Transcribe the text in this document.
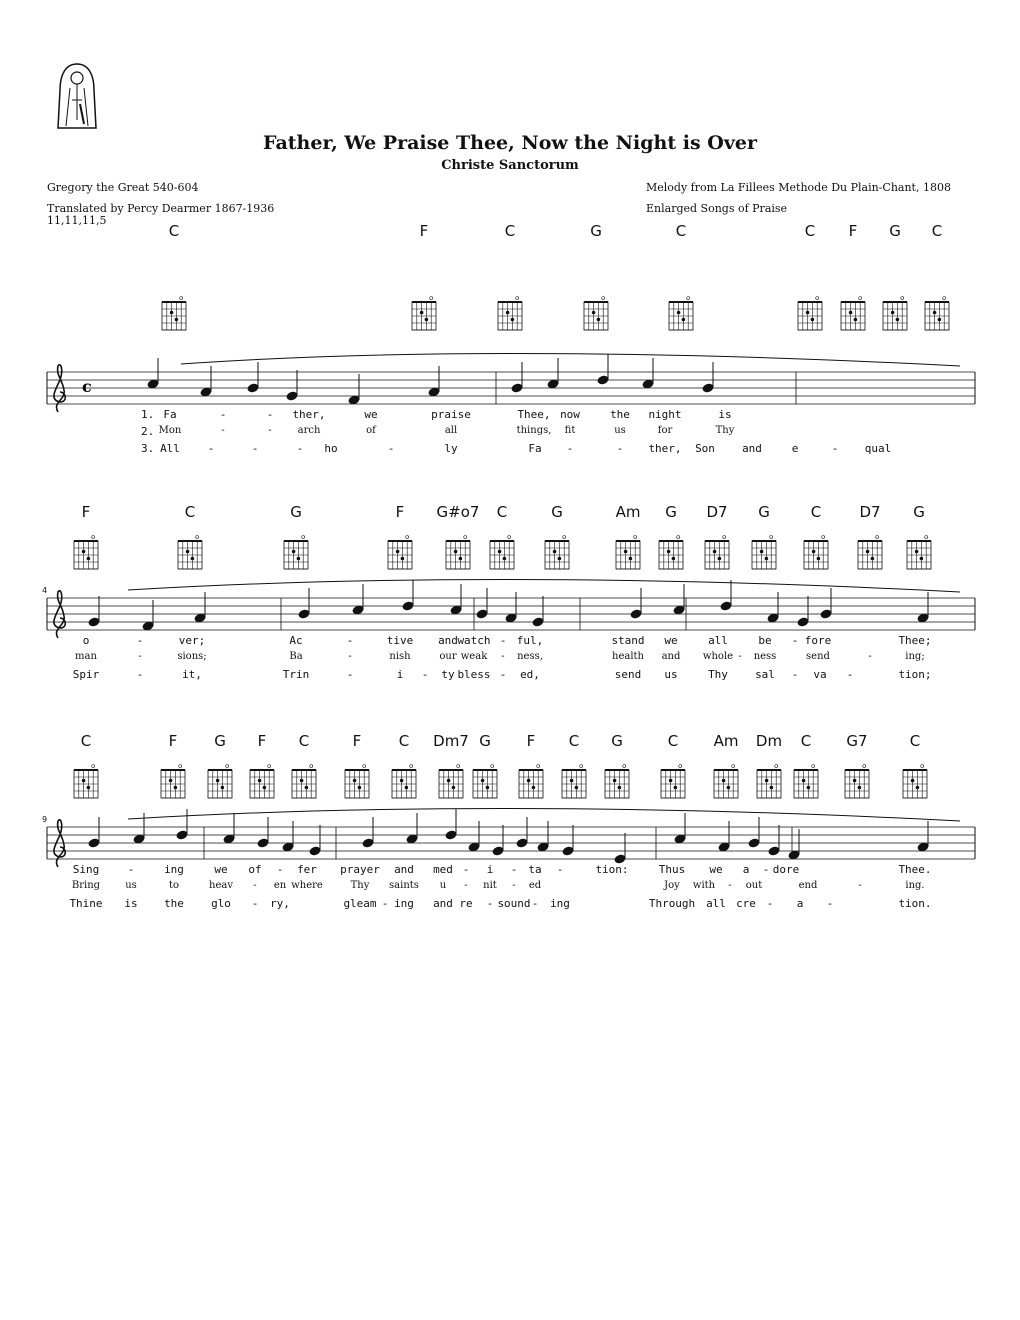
Father, We Praise Thee, Now the Night is Over
Christe Sanctorum
Gregory the Great 540-604
Translated by Percy Dearmer 1867-1936
11,11,11,5
Melody from La Fillees Methode Du Plain-Chant, 1808
Enlarged Songs of Praise
c
C	F	C	G	C	C F G C
1.
2.
3.
Fa	-	- ther,	we	praise	Thee, now	the night	is
Mon	-	-	arch	of	all	things, fit	us	for	Thy
All	-	-	- ho	-	ly	Fa -	- ther, Son and	e	- qual
F	C	G	F G#o7 C	G	Am G D7 G	C	D7 G
4
o	-	ver;	Ac	-	tive and watch - ful,	stand we	all	be - fore	Thee;
man	-	sions;	Ba	-	nish	our weak - ness,	health and whole - ness	send	-	ing;
Spir	-	it,	Trin	-	i - ty bless - ed,	send us	Thy sal - va -	tion;
C	F G F C	F C Dm7 G F C G	C Am Dm C G7	C
9
Sing	-	ing	we of - fer prayer and med - i - ta -	tion:	Thus we a - dore	Thee.
Bring	us	to	heav - en where	Thy saints u - nit - ed	Joy with - out	end	-	ing.
Thine is the glo - ry,	gleam - ing and re - sound - ing	Through all cre - a -	tion.
